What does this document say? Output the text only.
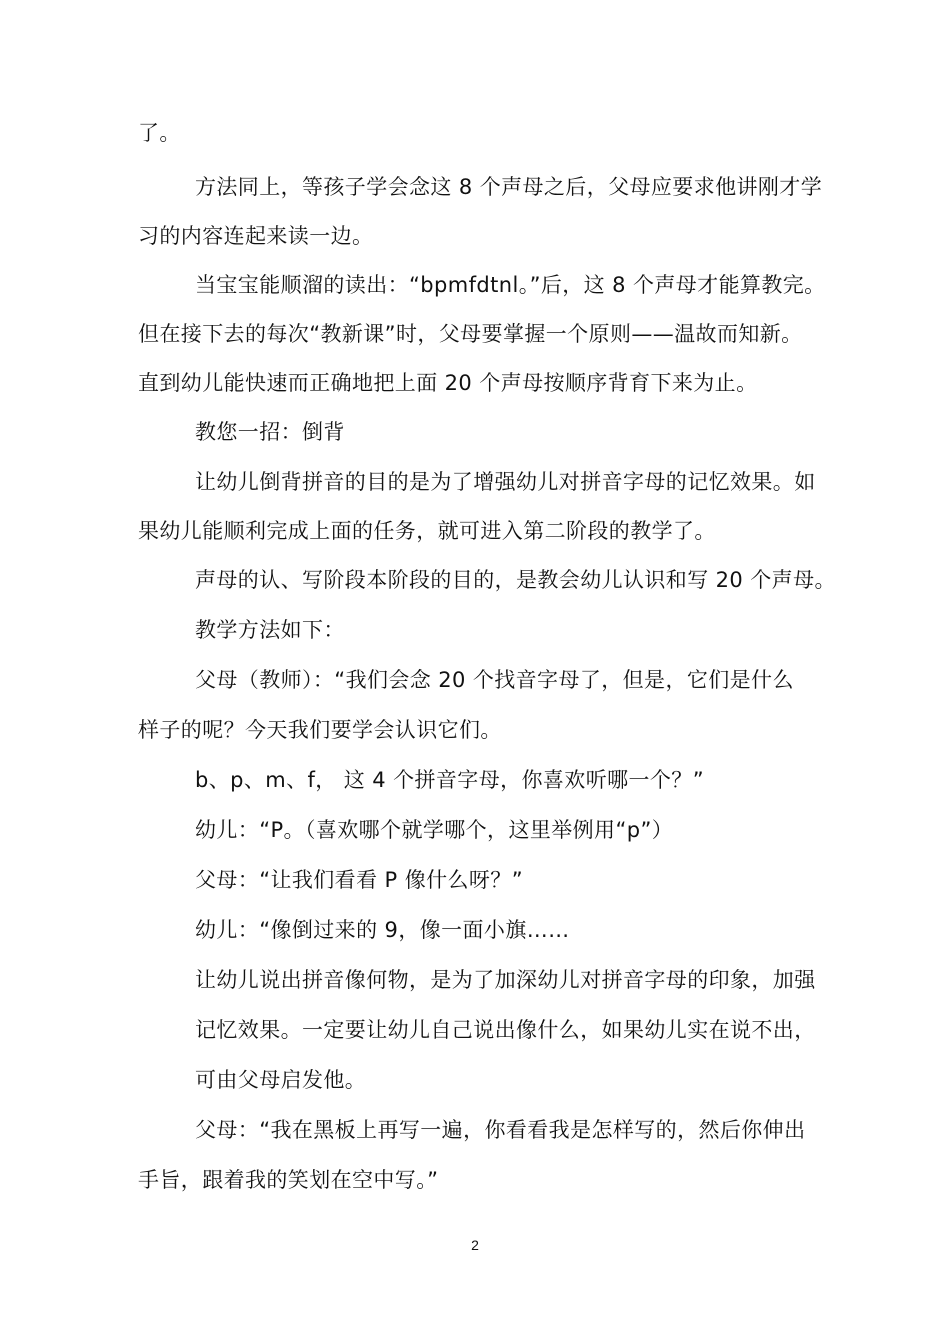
了。

方法同上，等孩子学会念这 8 个声母之后，父母应要求他讲刚才学

习的内容连起来读一边。

当宝宝能顺溜的读出：“bpmfdtnl。”后，这 8 个声母才能算教完。

但在接下去的每次“教新课”时，父母要掌握一个原则——温故而知新。

直到幼儿能快速而正确地把上面 20 个声母按顺序背育下来为止。

教您一招：倒背

让幼儿倒背拼音的目的是为了增强幼儿对拼音字母的记忆效果。如

果幼儿能顺利完成上面的任务，就可进入第二阶段的教学了。

声母的认、写阶段本阶段的目的，是教会幼儿认识和写 20 个声母。

教学方法如下：

父母（教师）：“我们会念 20 个找音字母了，但是，它们是什么

样子的呢？今天我们要学会认识它们。

b、p、m、f， 这 4 个拼音字母，你喜欢听哪一个？”

幼儿：“P。（喜欢哪个就学哪个，这里举例用“p”）

父母：“让我们看看 P 像什么呀？”

幼儿：“像倒过来的 9，像一面小旗……

让幼儿说出拼音像何物，是为了加深幼儿对拼音字母的印象，加强

记忆效果。一定要让幼儿自己说出像什么，如果幼儿实在说不出，

可由父母启发他。

父母：“我在黑板上再写一遍，你看看我是怎样写的，然后你伸出

手旨，跟着我的笑划在空中写。”

2
